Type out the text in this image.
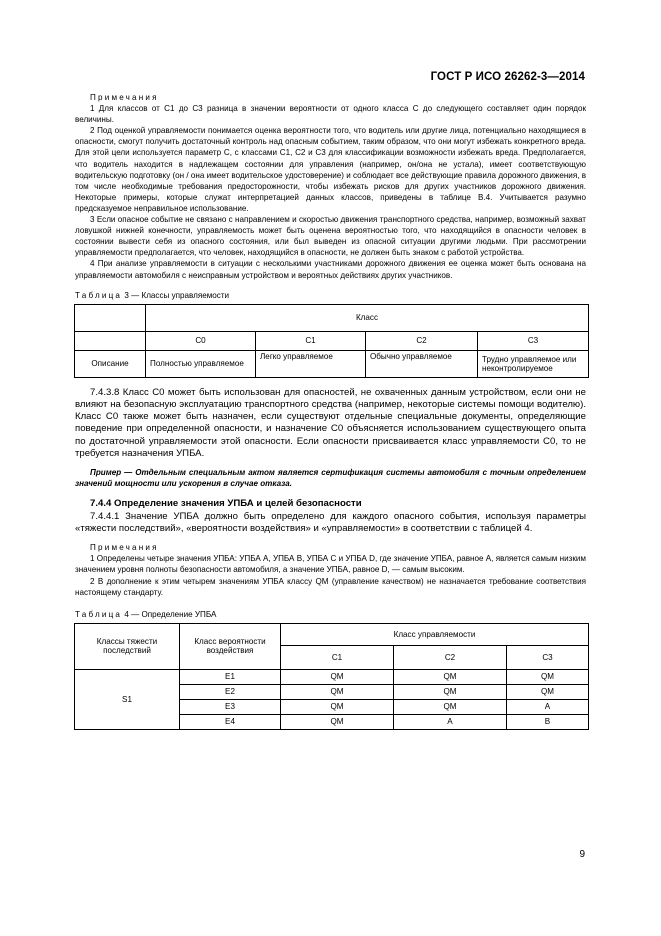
ГОСТ Р ИСО 26262-3—2014

Примечания

1 Для классов от С1 до С3 разница в значении вероятности от одного класса С до следующего составляет один порядок величины.

2 Под оценкой управляемости понимается оценка вероятности того, что водитель или другие лица, потенциально находящиеся в опасности, смогут получить достаточный контроль над опасным событием, таким образом, что они могут избежать конкретного вреда. Для этой цели используется параметр С, с классами С1, С2 и С3 для классификации возможности избежать вреда. Предполагается, что водитель находится в надлежащем состоянии для управления (например, он/она не устала), имеет соответствующую водительскую подготовку (он / она имеет водительское удостоверение) и соблюдает все действующие правила дорожного движения, в том числе необходимые требования предосторожности, чтобы избежать рисков для других участников дорожного движения. Некоторые примеры, которые служат интерпретацией данных классов, приведены в таблице В.4. Учитывается разумно предсказуемое неправильное использование.

3 Если опасное событие не связано с направлением и скоростью движения транспортного средства, например, возможный захват ловушкой нижней конечности, управляемость может быть оценена вероятностью того, что находящийся в опасности человек в состоянии вывести себя из опасного состояния, или был выведен из опасной ситуации другими людьми. При рассмотрении управляемости предполагается, что человек, находящийся в опасности, не должен быть знаком с работой устройства.

4 При анализе управляемости в ситуации с несколькими участниками дорожного движения ее оценка может быть основана на управляемости автомобиля с неисправным устройством и вероятных действиях других участников.

Таблица 3 — Классы управляемости
	Класс			
	С0	С1	С2	С3
Описание	Полностью управляемое	Легко управляемое	Обычно управляемое	Трудно управляемое или неконтролируемое

7.4.3.8 Класс С0 может быть использован для опасностей, не охваченных данным устройством, если они не влияют на безопасную эксплуатацию транспортного средства (например, некоторые системы помощи водителю). Класс С0 также может быть назначен, если существуют отдельные специальные документы, определяющие поведение при определенной опасности, и назначение С0 объясняется использованием существующего опыта по достаточной управляемости этой опасности. Если опасности присваивается класс управляемости С0, то не требуется назначения УПБА.

Пример — Отдельным специальным актом является сертификация системы автомобиля с точным определением значений мощности или ускорения в случае отказа.
7.4.4 Определение значения УПБА и целей безопасности

7.4.4.1 Значение УПБА должно быть определено для каждого опасного события, используя параметры «тяжести последствий», «вероятности воздействия» и «управляемости» в соответствии с таблицей 4.

Примечания

1 Определены четыре значения УПБА: УПБА А, УПБА В, УПБА С и УПБА D, где значение УПБА, равное А, является самым низким значением уровня полноты безопасности автомобиля, а значение УПБА, равное D, — самым высоким.

2 В дополнение к этим четырем значениям УПБА классу QM (управление качеством) не назначается требование соответствия настоящему стандарту.

Таблица 4 — Определение УПБА
Классы тяжести последствий	Класс вероятности воздействия	Класс управляемости		
		С1	С2	С3
S1	E1	QM	QM	QM
	E2	QM	QM	QM
	E3	QM	QM	A
	E4	QM	A	B
9
